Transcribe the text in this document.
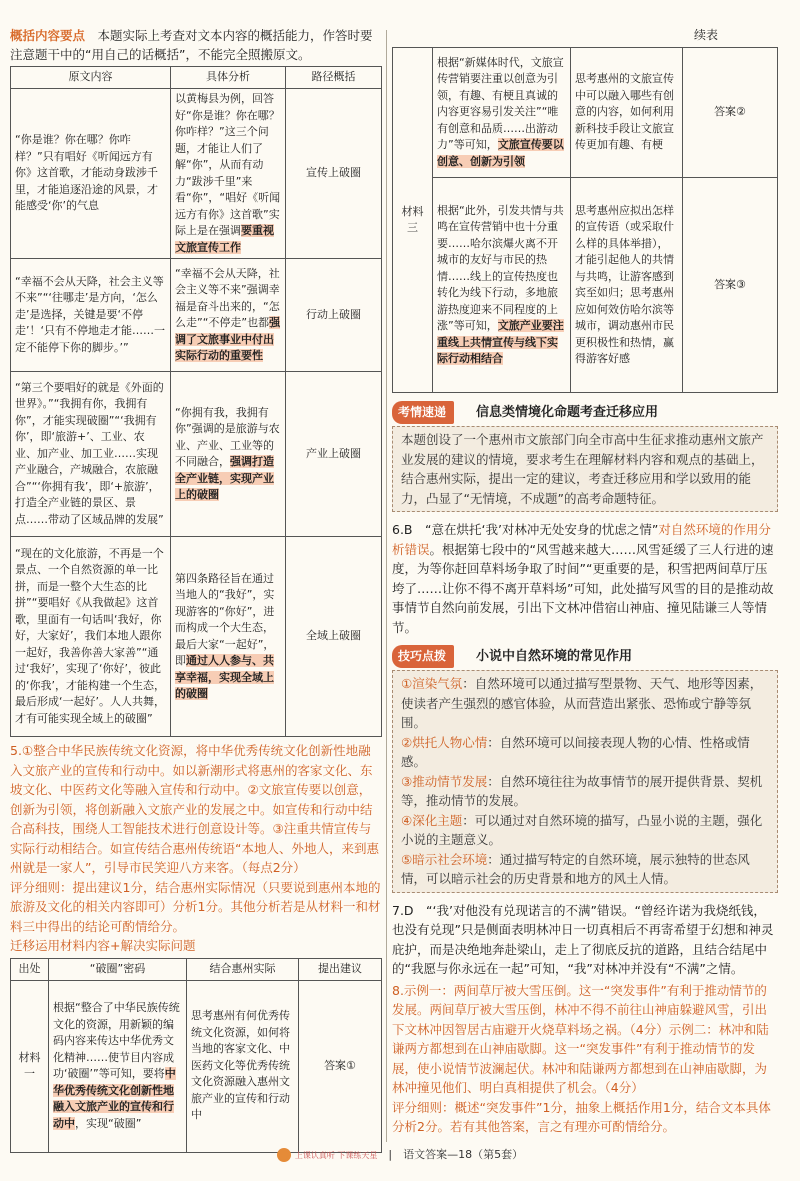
概括内容要点　 本题实际上考查对文本内容的概括能力，作答时要注意题干中的“用自己的话概括”，不能完全照搬原文。

原文内容	具体分析	路径概括
“你是谁？你在哪？你咋样？”只有唱好《听闻远方有你》这首歌，才能动身跋涉千里，才能追逐沿途的风景，才能感受‘你’的气息	以黄梅县为例，回答好“你是谁？你在哪？你咋样？”这三个问题，才能让人们了解“你”，从而有动力“跋涉千里”来看“你”，“唱好《听闻远方有你》这首歌”实际上是在强调要重视文旅宣传工作	宣传上破圈
“幸福不会从天降，社会主义等不来”“‘往哪走’是方向，‘怎么走’是选择，关键是要‘不停走’！‘只有不停地走才能……一定不能停下你的脚步。’”	“幸福不会从天降，社会主义等不来”强调幸福是奋斗出来的，“怎么走”“不停走”也都强调了文旅事业中付出实际行动的重要性	行动上破圈
“第三个要唱好的就是《外面的世界》。”“我拥有你，我拥有你”，才能实现破圈”“‘我拥有你’，即‘旅游+’、工业、农业、加产业、加工业……实现产业融合，产城融合，农旅融合”“‘你拥有我’，即‘+旅游’，打造全产业链的景区、景点……带动了区域品牌的发展”	“你拥有我，我拥有你”强调的是旅游与农业、产业、工业等的不同融合，强调打造全产业链，实现产业上的破圈	产业上破圈
“现在的文化旅游，不再是一个景点、一个自然资源的单一比拼，而是一整个大生态的比拼”“要唱好《从我做起》这首歌，里面有一句话叫‘我好，你好，大家好’，我们本地人跟你一起好，我善你善大家善”“通过‘我好’，实现了‘你好’，彼此的‘你我’，才能构建一个生态，最后形成‘一起好’。人人共舞，才有可能实现全域上的破圈”	第四条路径旨在通过当地人的“我好”，实现游客的“你好”，进而构成一个大生态，最后大家“一起好”，即通过人人参与、共享幸福，实现全域上的破圈	全域上破圈

5.①整合中华民族传统文化资源，将中华优秀传统文化创新性地融入文旅产业的宣传和行动中。如以新潮形式将惠州的客家文化、东坡文化、中医药文化等融入宣传和行动中。②文旅宣传要以创意，创新为引领，将创新融入文旅产业的发展之中。如宣传和行动中结合高科技，围绕人工智能技术进行创意设计等。③注重共情宣传与实际行动相结合。如宣传结合惠州传统语“本地人、外地人，来到惠州就是一家人”，引导市民笑迎八方来客。（每点2分）

评分细则：提出建议1分，结合惠州实际情况（只要说到惠州本地的旅游及文化的相关内容即可）分析1分。其他分析若是从材料一和材料三中得出的结论可酌情给分。

迁移运用材料内容+解决实际问题

出处	“破圈”密码	结合惠州实际	提出建议
材料一	根据“整合了中华民族传统文化的资源，用新颖的编码内容来传达中华优秀文化精神……使节目内容成功‘破圈’”等可知，要将中华优秀传统文化创新性地融入文旅产业的宣传和行动中，实现“破圈”	思考惠州有何优秀传统文化资源，如何将当地的客家文化、中医药文化等优秀传统文化资源融入惠州文旅产业的宣传和行动中	答案①

续表

材料三	根据“新媒体时代，文旅宣传营销要注重以创意为引领，有趣、有梗且真诚的内容更容易引发关注”“唯有创意和品质……出游动力”等可知，文旅宣传要以创意、创新为引领	思考惠州的文旅宣传中可以融入哪些有创意的内容，如何利用新科技手段让文旅宣传更加有趣、有梗	答案②
	根据“此外，引发共情与共鸣在宣传营销中也十分重要……哈尔滨爆火离不开城市的友好与市民的热情……线上的宣传热度也转化为线下行动，多地旅游热度迎来不同程度的上涨”等可知，文旅产业要注重线上共情宣传与线下实际行动相结合	思考惠州应拟出怎样的宣传语（或采取什么样的具体举措），才能引起他人的共情与共鸣，让游客感到宾至如归；思考惠州应如何效仿哈尔滨等城市，调动惠州市民更积极性和热情，赢得游客好感	答案③
考情速递	信息类情境化命题考查迁移应用
本题创设了一个惠州市文旅部门向全市高中生征求推动惠州文旅产业发展的建议的情境，要求考生在理解材料内容和观点的基础上，结合惠州实际，提出一定的建议，考查迁移应用和学以致用的能力，凸显了“无情境，不成题”的高考命题特征。

6.B　“意在烘托‘我’对林冲无处安身的忧虑之情”对自然环境的作用分析错误。根据第七段中的“风雪越来越大……风雪延缓了三人行进的速度，为等你赶回草料场争取了时间”“更重要的是，积雪把两间草厅压垮了……让你不得不离开草料场”可知，此处描写风雪的目的是推动故事情节自然向前发展，引出下文林冲借宿山神庙、撞见陆谦三人等情节。

技巧点拨	小说中自然环境的常见作用
①渲染气氛：自然环境可以通过描写型景物、天气、地形等因素，使读者产生强烈的感官体验，从而营造出紧张、恐怖或宁静等氛围。
②烘托人物心情：自然环境可以间接表现人物的心情、性格或情感。
③推动情节发展：自然环境往往为故事情节的展开提供背景、契机等，推动情节的发展。
④深化主题：可以通过对自然环境的描写，凸显小说的主题，强化小说的主题意义。
⑤暗示社会环境：通过描写特定的自然环境，展示独特的世态风情，可以暗示社会的历史背景和地方的风土人情。

7.D　“‘我’对他没有兑现诺言的不满”错误。“曾经许诺为我烧纸钱，也没有兑现”只是侧面表明林冲日一切真相后不再寄希望于幻想和神灵庇护，而是决绝地奔赴梁山，走上了彻底反抗的道路，且结合结尾中的“我愿与你永远在一起”可知，“我”对林冲并没有“不满”之情。

8.示例一：两间草厅被大雪压倒。这一“突发事件”有利于推动情节的发展。两间草厅被大雪压倒，林冲不得不前往山神庙躲避风雪，引出下文林冲因智居古庙避开火烧草料场之祸。（4分）示例二：林冲和陆谦两方都想到在山神庙歇脚。这一“突发事件”有利于推动情节的发展，使小说情节波澜起伏。林冲和陆谦两方都想到在山神庙歇脚，为林冲撞见他们、明白真相提供了机会。（4分）

评分细则：概述“突发事件”1分，抽象上概括作用1分，结合文本具体分析2分。若有其他答案，言之有理亦可酌情给分。

上课认真听 下课练天星　|　语文答案—18（第5套）
